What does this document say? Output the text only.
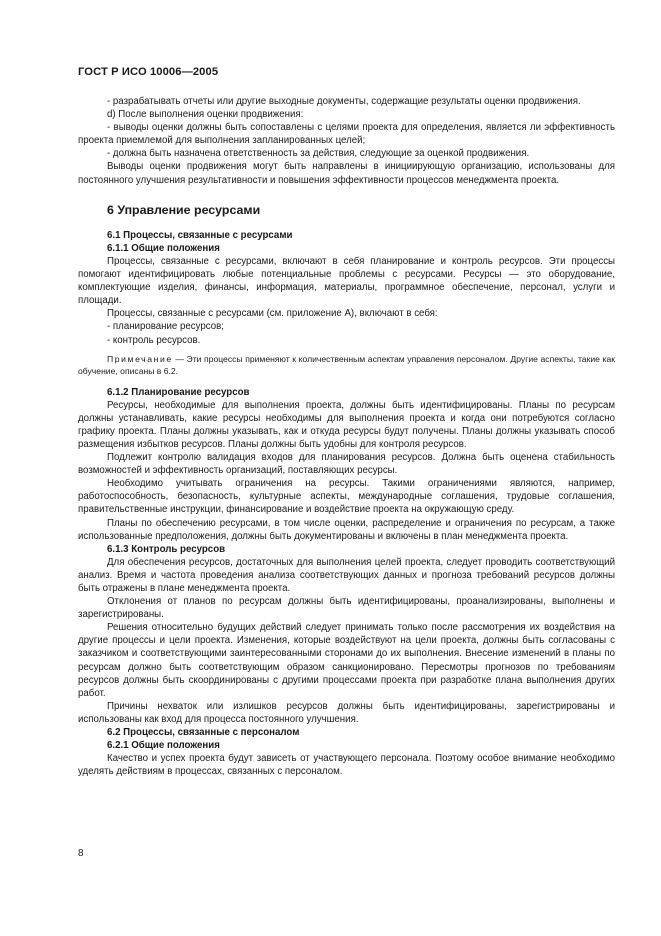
ГОСТ Р ИСО 10006—2005

- разрабатывать отчеты или другие выходные документы, содержащие результаты оценки продвижения.

d) После выполнения оценки продвижения:

- выводы оценки должны быть сопоставлены с целями проекта для определения, является ли эффективность проекта приемлемой для выполнения запланированных целей;

- должна быть назначена ответственность за действия, следующие за оценкой продвижения.

Выводы оценки продвижения могут быть направлены в инициирующую организацию, использованы для постоянного улучшения результативности и повышения эффективности процессов менеджмента проекта.

6 Управление ресурсами
6.1 Процессы, связанные с ресурсами
6.1.1 Общие положения

Процессы, связанные с ресурсами, включают в себя планирование и контроль ресурсов. Эти процессы помогают идентифицировать любые потенциальные проблемы с ресурсами. Ресурсы — это оборудование, комплектующие изделия, финансы, информация, материалы, программное обеспечение, персонал, услуги и площади.

Процессы, связанные с ресурсами (см. приложение А), включают в себя:

- планирование ресурсов;

- контроль ресурсов.

Примечание — Эти процессы применяют к количественным аспектам управления персоналом. Другие аспекты, такие как обучение, описаны в 6.2.
6.1.2 Планирование ресурсов

Ресурсы, необходимые для выполнения проекта, должны быть идентифицированы. Планы по ресурсам должны устанавливать, какие ресурсы необходимы для выполнения проекта и когда они потребуются согласно графику проекта. Планы должны указывать, как и откуда ресурсы будут получены. Планы должны указывать способ размещения избытков ресурсов. Планы должны быть удобны для контроля ресурсов.

Подлежит контролю валидация входов для планирования ресурсов. Должна быть оценена стабильность возможностей и эффективность организаций, поставляющих ресурсы.

Необходимо учитывать ограничения на ресурсы. Такими ограничениями являются, например, работоспособность, безопасность, культурные аспекты, международные соглашения, трудовые соглашения, правительственные инструкции, финансирование и воздействие проекта на окружающую среду.

Планы по обеспечению ресурсами, в том числе оценки, распределение и ограничения по ресурсам, а также использованные предположения, должны быть документированы и включены в план менеджмента проекта.

6.1.3 Контроль ресурсов

Для обеспечения ресурсов, достаточных для выполнения целей проекта, следует проводить соответствующий анализ. Время и частота проведения анализа соответствующих данных и прогноза требований ресурсов должны быть отражены в плане менеджмента проекта.

Отклонения от планов по ресурсам должны быть идентифицированы, проанализированы, выполнены и зарегистрированы.

Решения относительно будущих действий следует принимать только после рассмотрения их воздействия на другие процессы и цели проекта. Изменения, которые воздействуют на цели проекта, должны быть согласованы с заказчиком и соответствующими заинтересованными сторонами до их выполнения. Внесение изменений в планы по ресурсам должно быть соответствующим образом санкционировано. Пересмотры прогнозов по требованиям ресурсов должны быть скоординированы с другими процессами проекта при разработке плана выполнения других работ.

Причины нехваток или излишков ресурсов должны быть идентифицированы, зарегистрированы и использованы как вход для процесса постоянного улучшения.

6.2 Процессы, связанные с персоналом
6.2.1 Общие положения

Качество и успех проекта будут зависеть от участвующего персонала. Поэтому особое внимание необходимо уделять действиям в процессах, связанных с персоналом.

8
